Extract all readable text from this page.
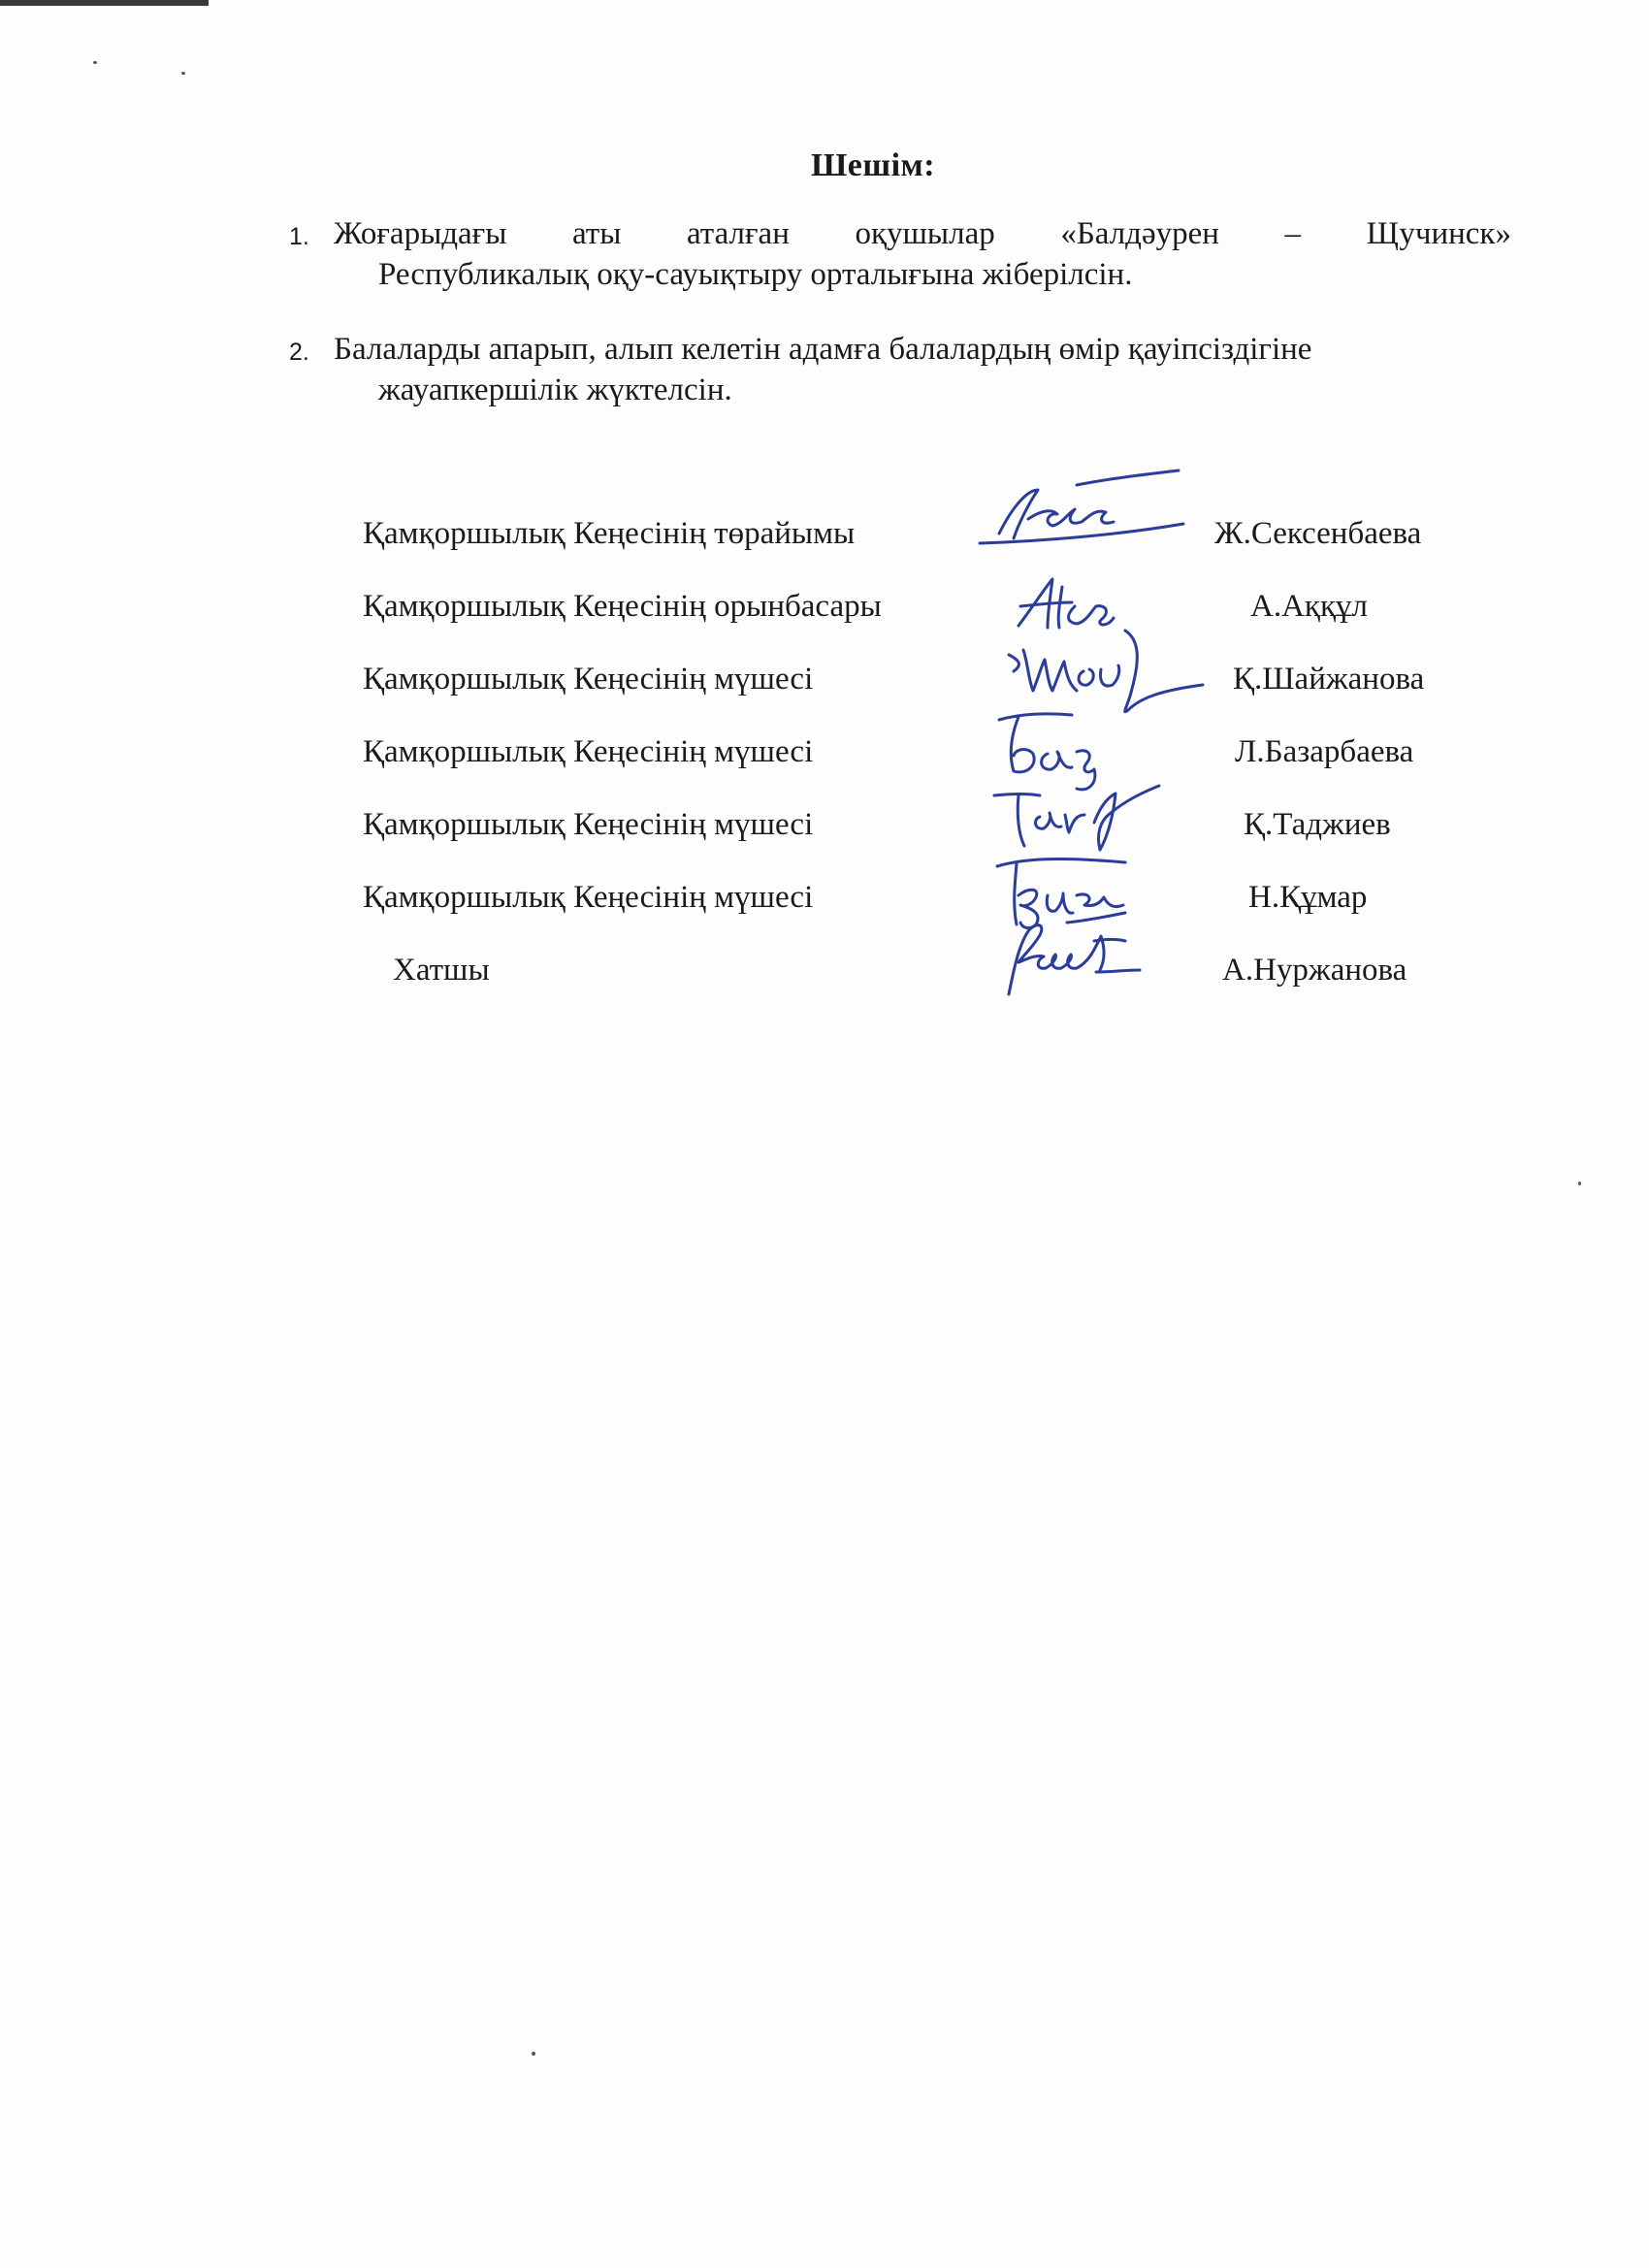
Шешім:
1. Жоғарыдағы аты аталған оқушылар «Балдәурен – Щучинск»
Республикалық оқу-сауықтыру орталығына жіберілсін.
2. Балаларды апарып, алып келетін адамға балалардың өмір қауіпсіздігіне
жауапкершілік жүктелсін.
Қамқоршылық Кеңесінің төрайымы	Ж.Сексенбаева
Қамқоршылық Кеңесінің орынбасары	А.Аққұл
Қамқоршылық Кеңесінің мүшесі	Қ.Шайжанова
Қамқоршылық Кеңесінің мүшесі	Л.Базарбаева
Қамқоршылық Кеңесінің мүшесі	Қ.Таджиев
Қамқоршылық Кеңесінің мүшесі	Н.Құмар
Хатшы	А.Нуржанова
